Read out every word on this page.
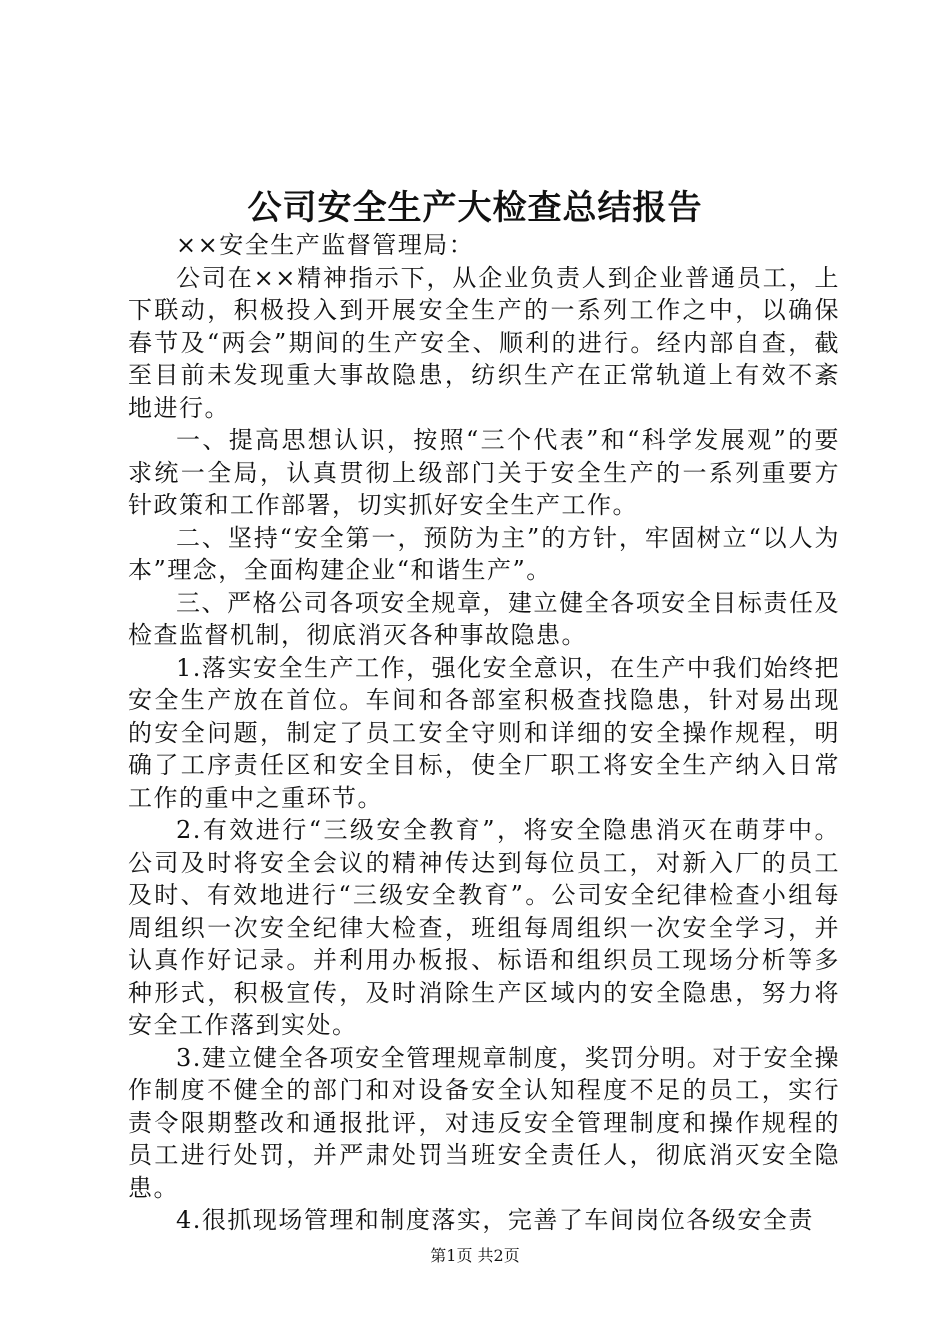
公司安全生产大检查总结报告

××安全生产监督管理局：

公司在××精神指示下，从企业负责人到企业普通员工，上下联动，积极投入到开展安全生产的一系列工作之中，以确保春节及“两会”期间的生产安全、顺利的进行。经内部自查，截至目前未发现重大事故隐患，纺织生产在正常轨道上有效不紊地进行。

一、提高思想认识，按照“三个代表”和“科学发展观”的要求统一全局，认真贯彻上级部门关于安全生产的一系列重要方针政策和工作部署，切实抓好安全生产工作。

二、坚持“安全第一，预防为主”的方针，牢固树立“以人为本”理念，全面构建企业“和谐生产”。

三、严格公司各项安全规章，建立健全各项安全目标责任及检查监督机制，彻底消灭各种事故隐患。

1.落实安全生产工作，强化安全意识，在生产中我们始终把安全生产放在首位。车间和各部室积极查找隐患，针对易出现的安全问题，制定了员工安全守则和详细的安全操作规程，明确了工序责任区和安全目标，使全厂职工将安全生产纳入日常工作的重中之重环节。

2.有效进行“三级安全教育”，将安全隐患消灭在萌芽中。公司及时将安全会议的精神传达到每位员工，对新入厂的员工及时、有效地进行“三级安全教育”。公司安全纪律检查小组每周组织一次安全纪律大检查，班组每周组织一次安全学习，并认真作好记录。并利用办板报、标语和组织员工现场分析等多种形式，积极宣传，及时消除生产区域内的安全隐患，努力将安全工作落到实处。

3.建立健全各项安全管理规章制度，奖罚分明。对于安全操作制度不健全的部门和对设备安全认知程度不足的员工，实行责令限期整改和通报批评，对违反安全管理制度和操作规程的员工进行处罚，并严肃处罚当班安全责任人，彻底消灭安全隐患。

4.很抓现场管理和制度落实，完善了车间岗位各级安全责

第1页 共2页
